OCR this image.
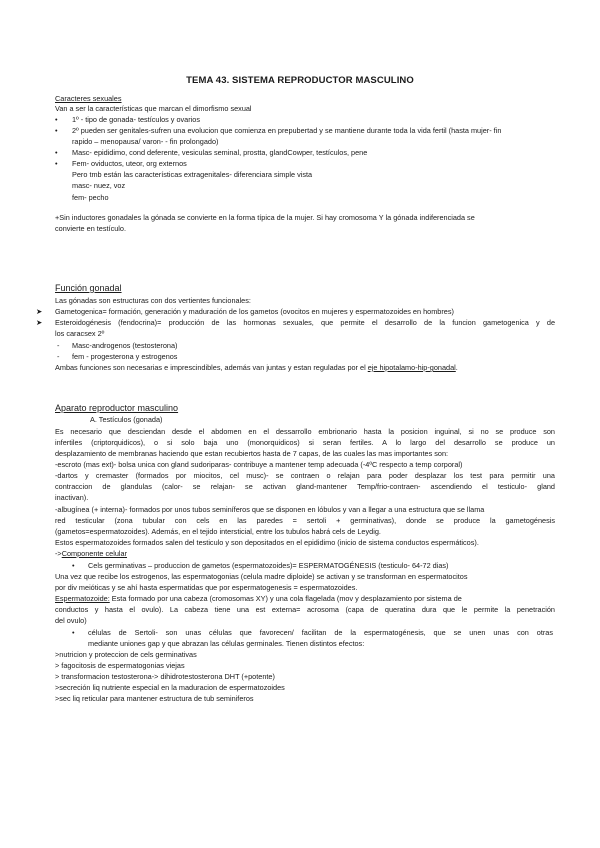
TEMA 43. SISTEMA REPRODUCTOR MASCULINO
Caracteres sexuales
Van a ser la características que marcan el dimorfismo sexual
• 1º - tipo de gonada- testículos y ovarios
• 2º pueden ser genitales-sufren una evolucion que comienza en prepubertad y se mantiene durante toda la vida fertil (hasta mujer- fin
rapido – menopausa/ varon- - fin prolongado)
• Masc- epididimo, cond deferente, vesiculas seminal, prostta, glandCowper, testículos, pene
• Fem- oviductos, uteor, org externos
Pero tmb están las características extragenitales- diferenciara simple vista
masc- nuez, voz
fem- pecho
+Sin inductores gonadales la gónada se convierte en la forma típica de la mujer. Si hay cromosoma Y la gónada indiferenciada se
convierte en testículo.
Función gonadal
Las gónadas son estructuras con dos vertientes funcionales:
➤ Gametogenica= formación, generación y maduración de los gametos (ovocitos en mujeres y espermatozoides en hombres)
➤ Esteroidogénesis (fendocrina)= producción de las hormonas sexuales, que permite el desarrollo de la funcion gametogenica y de
los caracsex 2º
- Masc-androgenos (testosterona)
- fem - progesterona y estrogenos
Ambas funciones son necesarias e imprescindibles, además van juntas y estan reguladas por el eje hipotalamo-hip-gonadal.
Aparato reproductor masculino
A. Testículos (gonada)
Es necesario que desciendan desde el abdomen en el dessarrollo embrionario hasta la posicion inguinal, si no se produce son
infertiles (criptorquidicos), o si solo baja uno (monorquidicos) si seran fertiles. A lo largo del desarrollo se produce un
desplazamiento de membranas haciendo que estan recubiertos hasta de 7 capas, de las cuales las mas importantes son:
-escroto (mas ext)- bolsa unica con gland sudoriparas- contribuye a mantener temp adecuada (-4ºC respecto a temp corporal)
-dartos y cremaster (formados por miocitos, cel musc)- se contraen o relajan para poder desplazar los test para permitir una
contraccion de glandulas (calor- se relajan- se activan gland-mantener Temp/frio-contraen- ascendiendo el testiculo- gland
inactivan).
-albugínea (+ interna)- formados por unos tubos seminíferos que se disponen en lóbulos y van a llegar a una estructura que se llama
red testicular (zona tubular con cels en las paredes = sertoli + germinativas), donde se produce la gametogénesis
(gametos=espermatozoides). Además, en el tejido intersticial, entre los tubulos habrá cels de Leydig.
Estos espermatozoides formados salen del testiculo y son depositados en el epididimo (inicio de sistema conductos espermáticos).
->Componente celular
• Cels germinativas – produccion de gametos (espermatozoides)= ESPERMATOGÉNESIS (testiculo- 64-72 dias)
Una vez que recibe los estrogenos, las espermatogonias (celula madre diploide) se activan y se transforman en espermatocitos
por div meióticas y se ahí hasta espermatidas que por espermatogenesis = espermatozoides.
Espermatozoide: Esta formado por una cabeza (cromosomas XY) y una cola flagelada (mov y desplazamiento por sistema de
conductos y hasta el ovulo). La cabeza tiene una est externa= acrosoma (capa de queratina dura que le permite la penetración
del ovulo)
• células de Sertoli- son unas células que favorecen/ facilitan de la espermatogénesis, que se unen unas con otras
mediante uniones gap y que abrazan las células germinales. Tienen distintos efectos:
>nutricion y proteccion de cels germinativas
> fagocitosis de espermatogonias viejas
> transformacion testosterona-> dihidrotestosterona DHT (+potente)
>secreción liq nutriente especial en la maduracion de espermatozoides
>sec liq reticular para mantener estructura de tub seminiferos
